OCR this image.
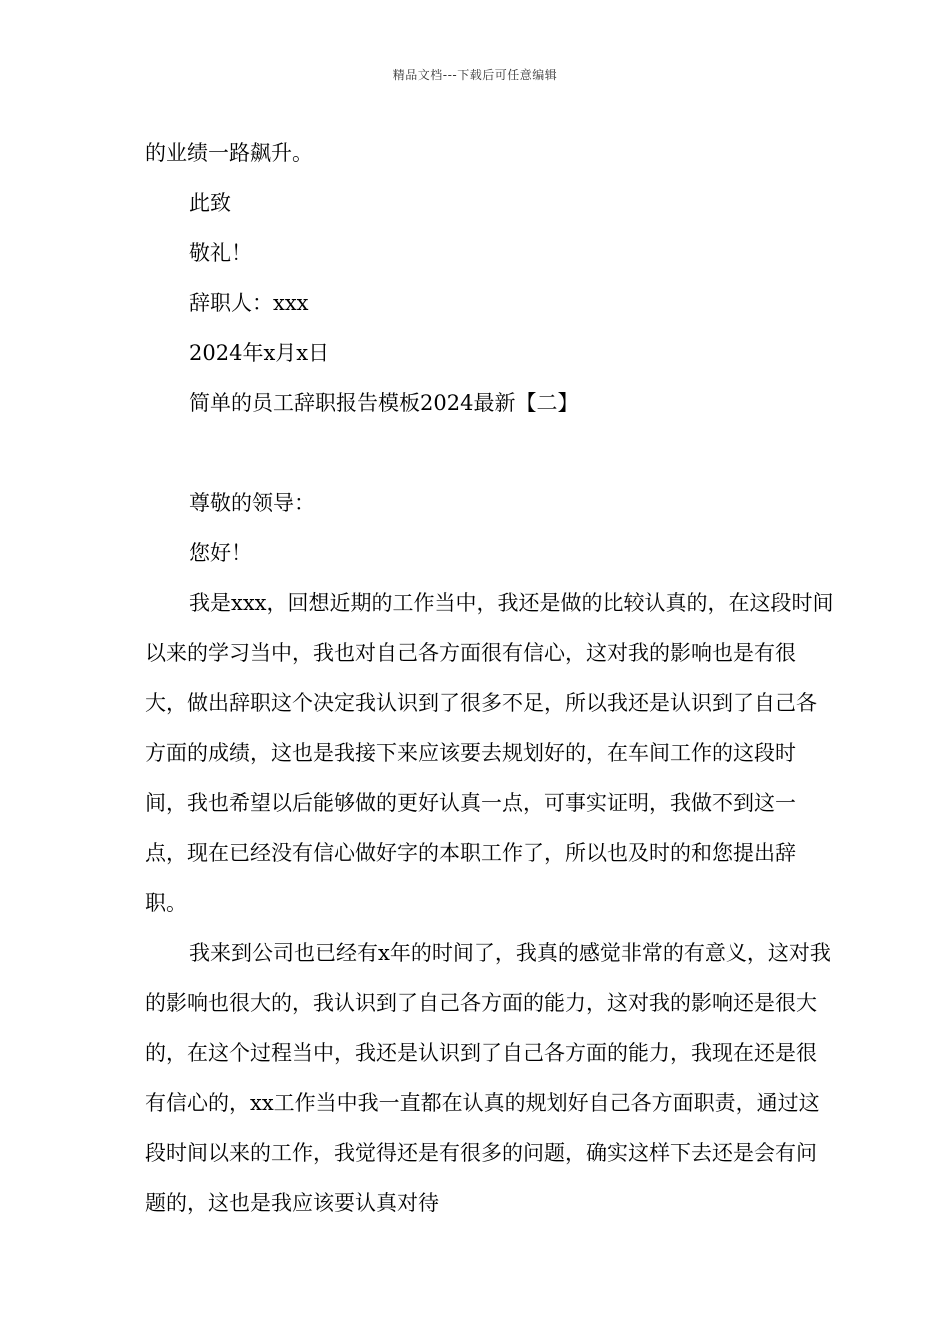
精品文档---下载后可任意编辑

的业绩一路飙升。

此致

敬礼！

辞职人：xxx

2024年x月x日

简单的员工辞职报告模板2024最新【二】

尊敬的领导：

您好！

我是xxx，回想近期的工作当中，我还是做的比较认真的，在这段时间以来的学习当中，我也对自己各方面很有信心，这对我的影响也是有很大，做出辞职这个决定我认识到了很多不足，所以我还是认识到了自己各方面的成绩，这也是我接下来应该要去规划好的，在车间工作的这段时间，我也希望以后能够做的更好认真一点，可事实证明，我做不到这一点，现在已经没有信心做好字的本职工作了，所以也及时的和您提出辞职。

我来到公司也已经有x年的时间了，我真的感觉非常的有意义，这对我的影响也很大的，我认识到了自己各方面的能力，这对我的影响还是很大的，在这个过程当中，我还是认识到了自己各方面的能力，我现在还是很有信心的，xx工作当中我一直都在认真的规划好自己各方面职责，通过这段时间以来的工作，我觉得还是有很多的问题，确实这样下去还是会有问题的，这也是我应该要认真对待
